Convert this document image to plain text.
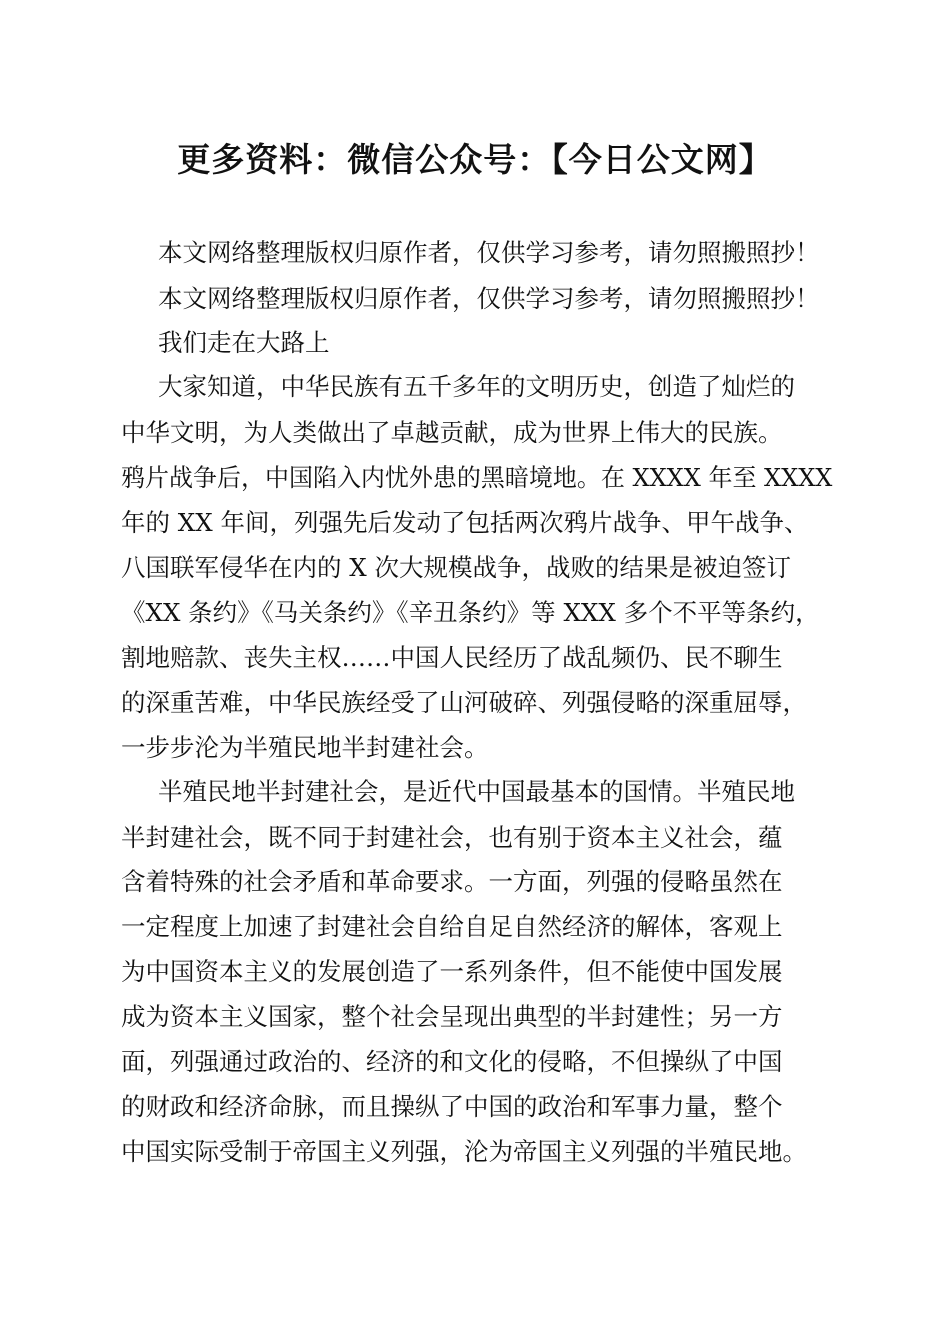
更多资料：微信公众号：【今日公文网】
本文网络整理版权归原作者，仅供学习参考，请勿照搬照抄！
本文网络整理版权归原作者，仅供学习参考，请勿照搬照抄！
我们走在大路上
大家知道，中华民族有五千多年的文明历史，创造了灿烂的
中华文明，为人类做出了卓越贡献，成为世界上伟大的民族。
鸦片战争后，中国陷入内忧外患的黑暗境地。在 XXXX 年至 XXXX
年的 XX 年间，列强先后发动了包括两次鸦片战争、甲午战争、
八国联军侵华在内的 X 次大规模战争，战败的结果是被迫签订
《XX 条约》《马关条约》《辛丑条约》等 XXX 多个不平等条约，
割地赔款、丧失主权……中国人民经历了战乱频仍、民不聊生
的深重苦难，中华民族经受了山河破碎、列强侵略的深重屈辱，
一步步沦为半殖民地半封建社会。
半殖民地半封建社会，是近代中国最基本的国情。半殖民地
半封建社会，既不同于封建社会，也有别于资本主义社会，蕴
含着特殊的社会矛盾和革命要求。一方面，列强的侵略虽然在
一定程度上加速了封建社会自给自足自然经济的解体，客观上
为中国资本主义的发展创造了一系列条件，但不能使中国发展
成为资本主义国家，整个社会呈现出典型的半封建性；另一方
面，列强通过政治的、经济的和文化的侵略，不但操纵了中国
的财政和经济命脉，而且操纵了中国的政治和军事力量，整个
中国实际受制于帝国主义列强，沦为帝国主义列强的半殖民地。
